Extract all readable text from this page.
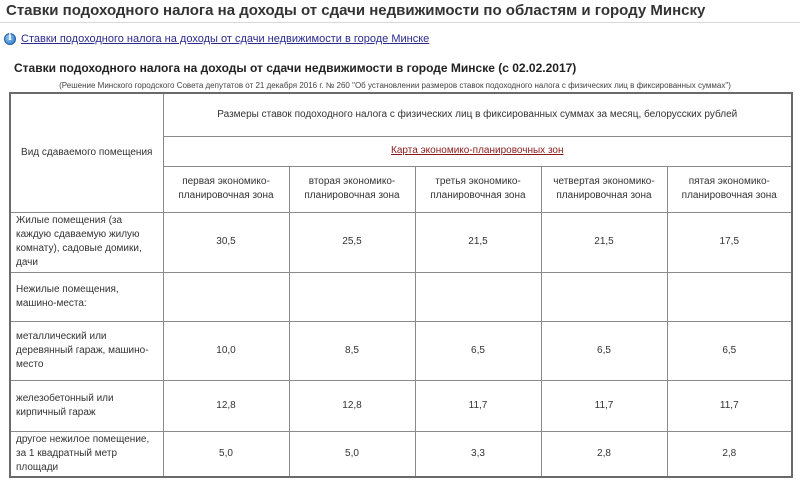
Ставки подоходного налога на доходы от сдачи недвижимости по областям и городу Минску
i
Ставки подоходного налога на доходы от сдачи недвижимости в городе Минске
Ставки подоходного налога на доходы от сдачи недвижимости в городе Минске (с 02.02.2017)
(Решение Минского городского Совета депутатов от 21 декабря 2016 г. № 260 "Об установлении размеров ставок подоходного налога с физических лиц в фиксированных суммах")
Вид сдаваемого помещения	Размеры ставок подоходного налога с физических лиц в фиксированных суммах за месяц, белорусских рублей				
	Карта экономико-планировочных зон				
	первая экономико-планировочная зона	вторая экономико-планировочная зона	третья экономико-планировочная зона	четвертая экономико-планировочная зона	пятая экономико-планировочная зона
Жилые помещения (за каждую сдаваемую жилую комнату), садовые домики, дачи	30,5	25,5	21,5	21,5	17,5
Нежилые помещения, машино-места:					
металлический или деревянный гараж, машино-место	10,0	8,5	6,5	6,5	6,5
железобетонный или кирпичный гараж	12,8	12,8	11,7	11,7	11,7
другое нежилое помещение, за 1 квадратный метр площади	5,0	5,0	3,3	2,8	2,8
